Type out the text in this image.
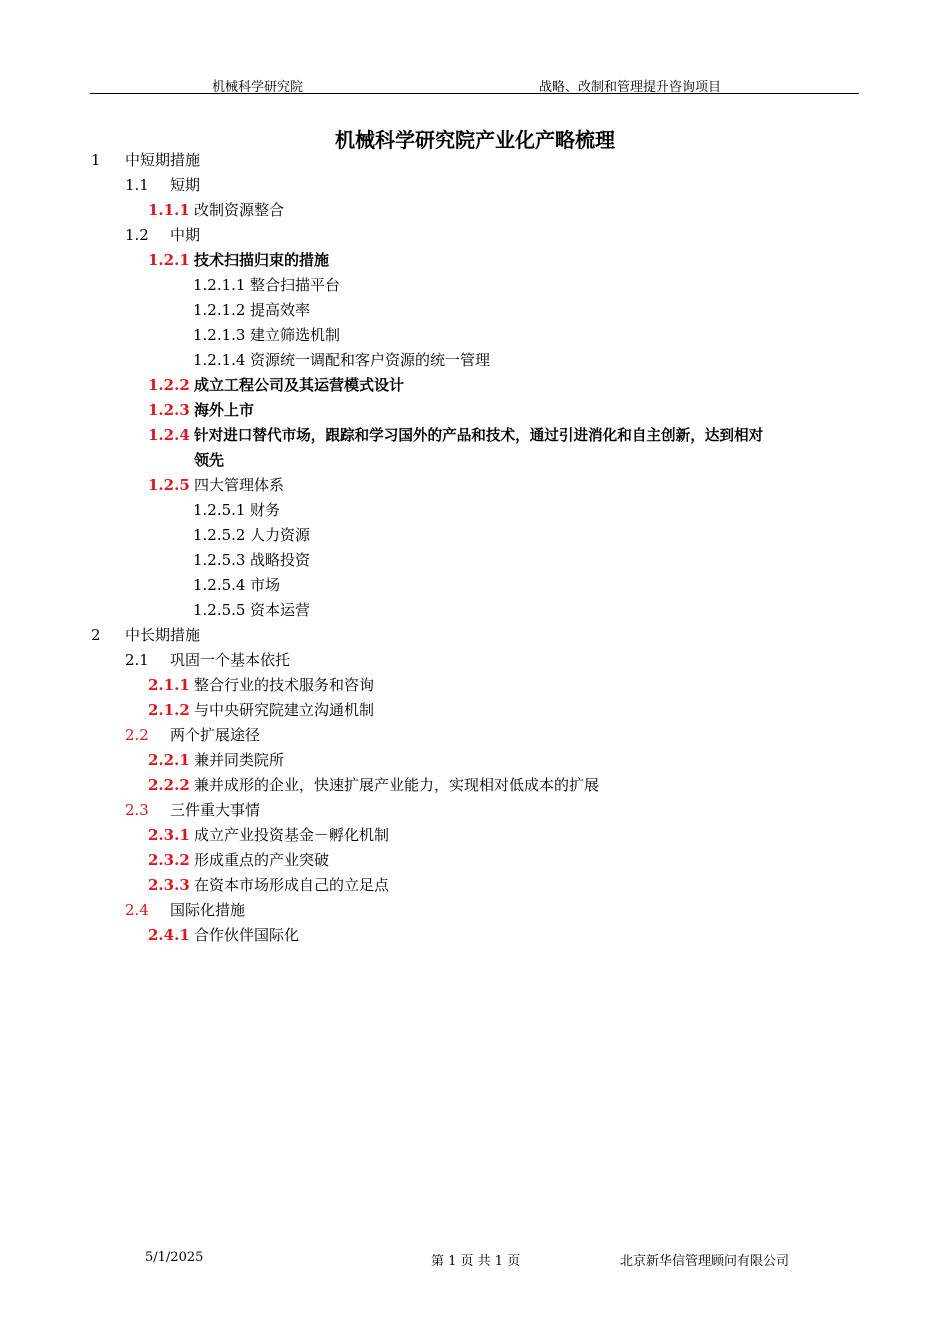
机械科学研究院	战略、改制和管理提升咨询项目
机械科学研究院产业化产略梳理
1 中短期措施
1.1 短期
1.1.1 改制资源整合
1.2 中期
1.2.1 技术扫描归束的措施
1.2.1.1 整合扫描平台
1.2.1.2 提高效率
1.2.1.3 建立筛选机制
1.2.1.4 资源统一调配和客户资源的统一管理
1.2.2 成立工程公司及其运营模式设计
1.2.3 海外上市
1.2.4 针对进口替代市场，跟踪和学习国外的产品和技术，通过引进消化和自主创新，达到相对
领先
1.2.5 四大管理体系
1.2.5.1 财务
1.2.5.2 人力资源
1.2.5.3 战略投资
1.2.5.4 市场
1.2.5.5 资本运营
2 中长期措施
2.1 巩固一个基本依托
2.1.1 整合行业的技术服务和咨询
2.1.2 与中央研究院建立沟通机制
2.2 两个扩展途径
2.2.1 兼并同类院所
2.2.2 兼并成形的企业，快速扩展产业能力，实现相对低成本的扩展
2.3 三件重大事情
2.3.1 成立产业投资基金－孵化机制
2.3.2 形成重点的产业突破
2.3.3 在资本市场形成自己的立足点
2.4 国际化措施
2.4.1 合作伙伴国际化
5/1/2025	第 1 页 共 1 页	北京新华信管理顾问有限公司
